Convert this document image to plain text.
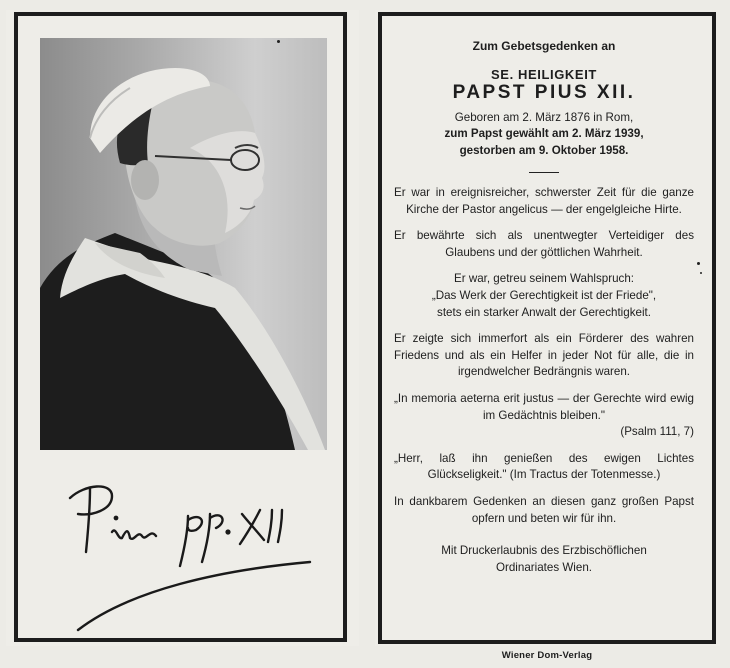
Pius pp. XII
Zum Gebetsgedenken an
SE. HEILIGKEIT
PAPST PIUS XII.
Geboren am 2. März 1876 in Rom,
zum Papst gewählt am 2. März 1939,
gestorben am 9. Oktober 1958.
Er war in ereignisreicher, schwerster Zeit für die ganze Kirche der Pastor angelicus — der engelgleiche Hirte.
Er bewährte sich als unentwegter Verteidiger des Glaubens und der göttlichen Wahrheit.
Er war, getreu seinem Wahlspruch:
„Das Werk der Gerechtigkeit ist der Friede",
stets ein starker Anwalt der Gerechtigkeit.
Er zeigte sich immerfort als ein Förderer des wahren Friedens und als ein Helfer in jeder Not für alle, die in irgendwelcher Bedrängnis waren.
„In memoria aeterna erit justus — der Gerechte wird ewig im Gedächtnis bleiben."
(Psalm 111, 7)
„Herr, laß ihn genießen des ewigen Lichtes Glückseligkeit." (Im Tractus der Totenmesse.)
In dankbarem Gedenken an diesen ganz großen Papst opfern und beten wir für ihn.
Mit Druckerlaubnis des Erzbischöflichen Ordinariates Wien.
Wiener Dom-Verlag
